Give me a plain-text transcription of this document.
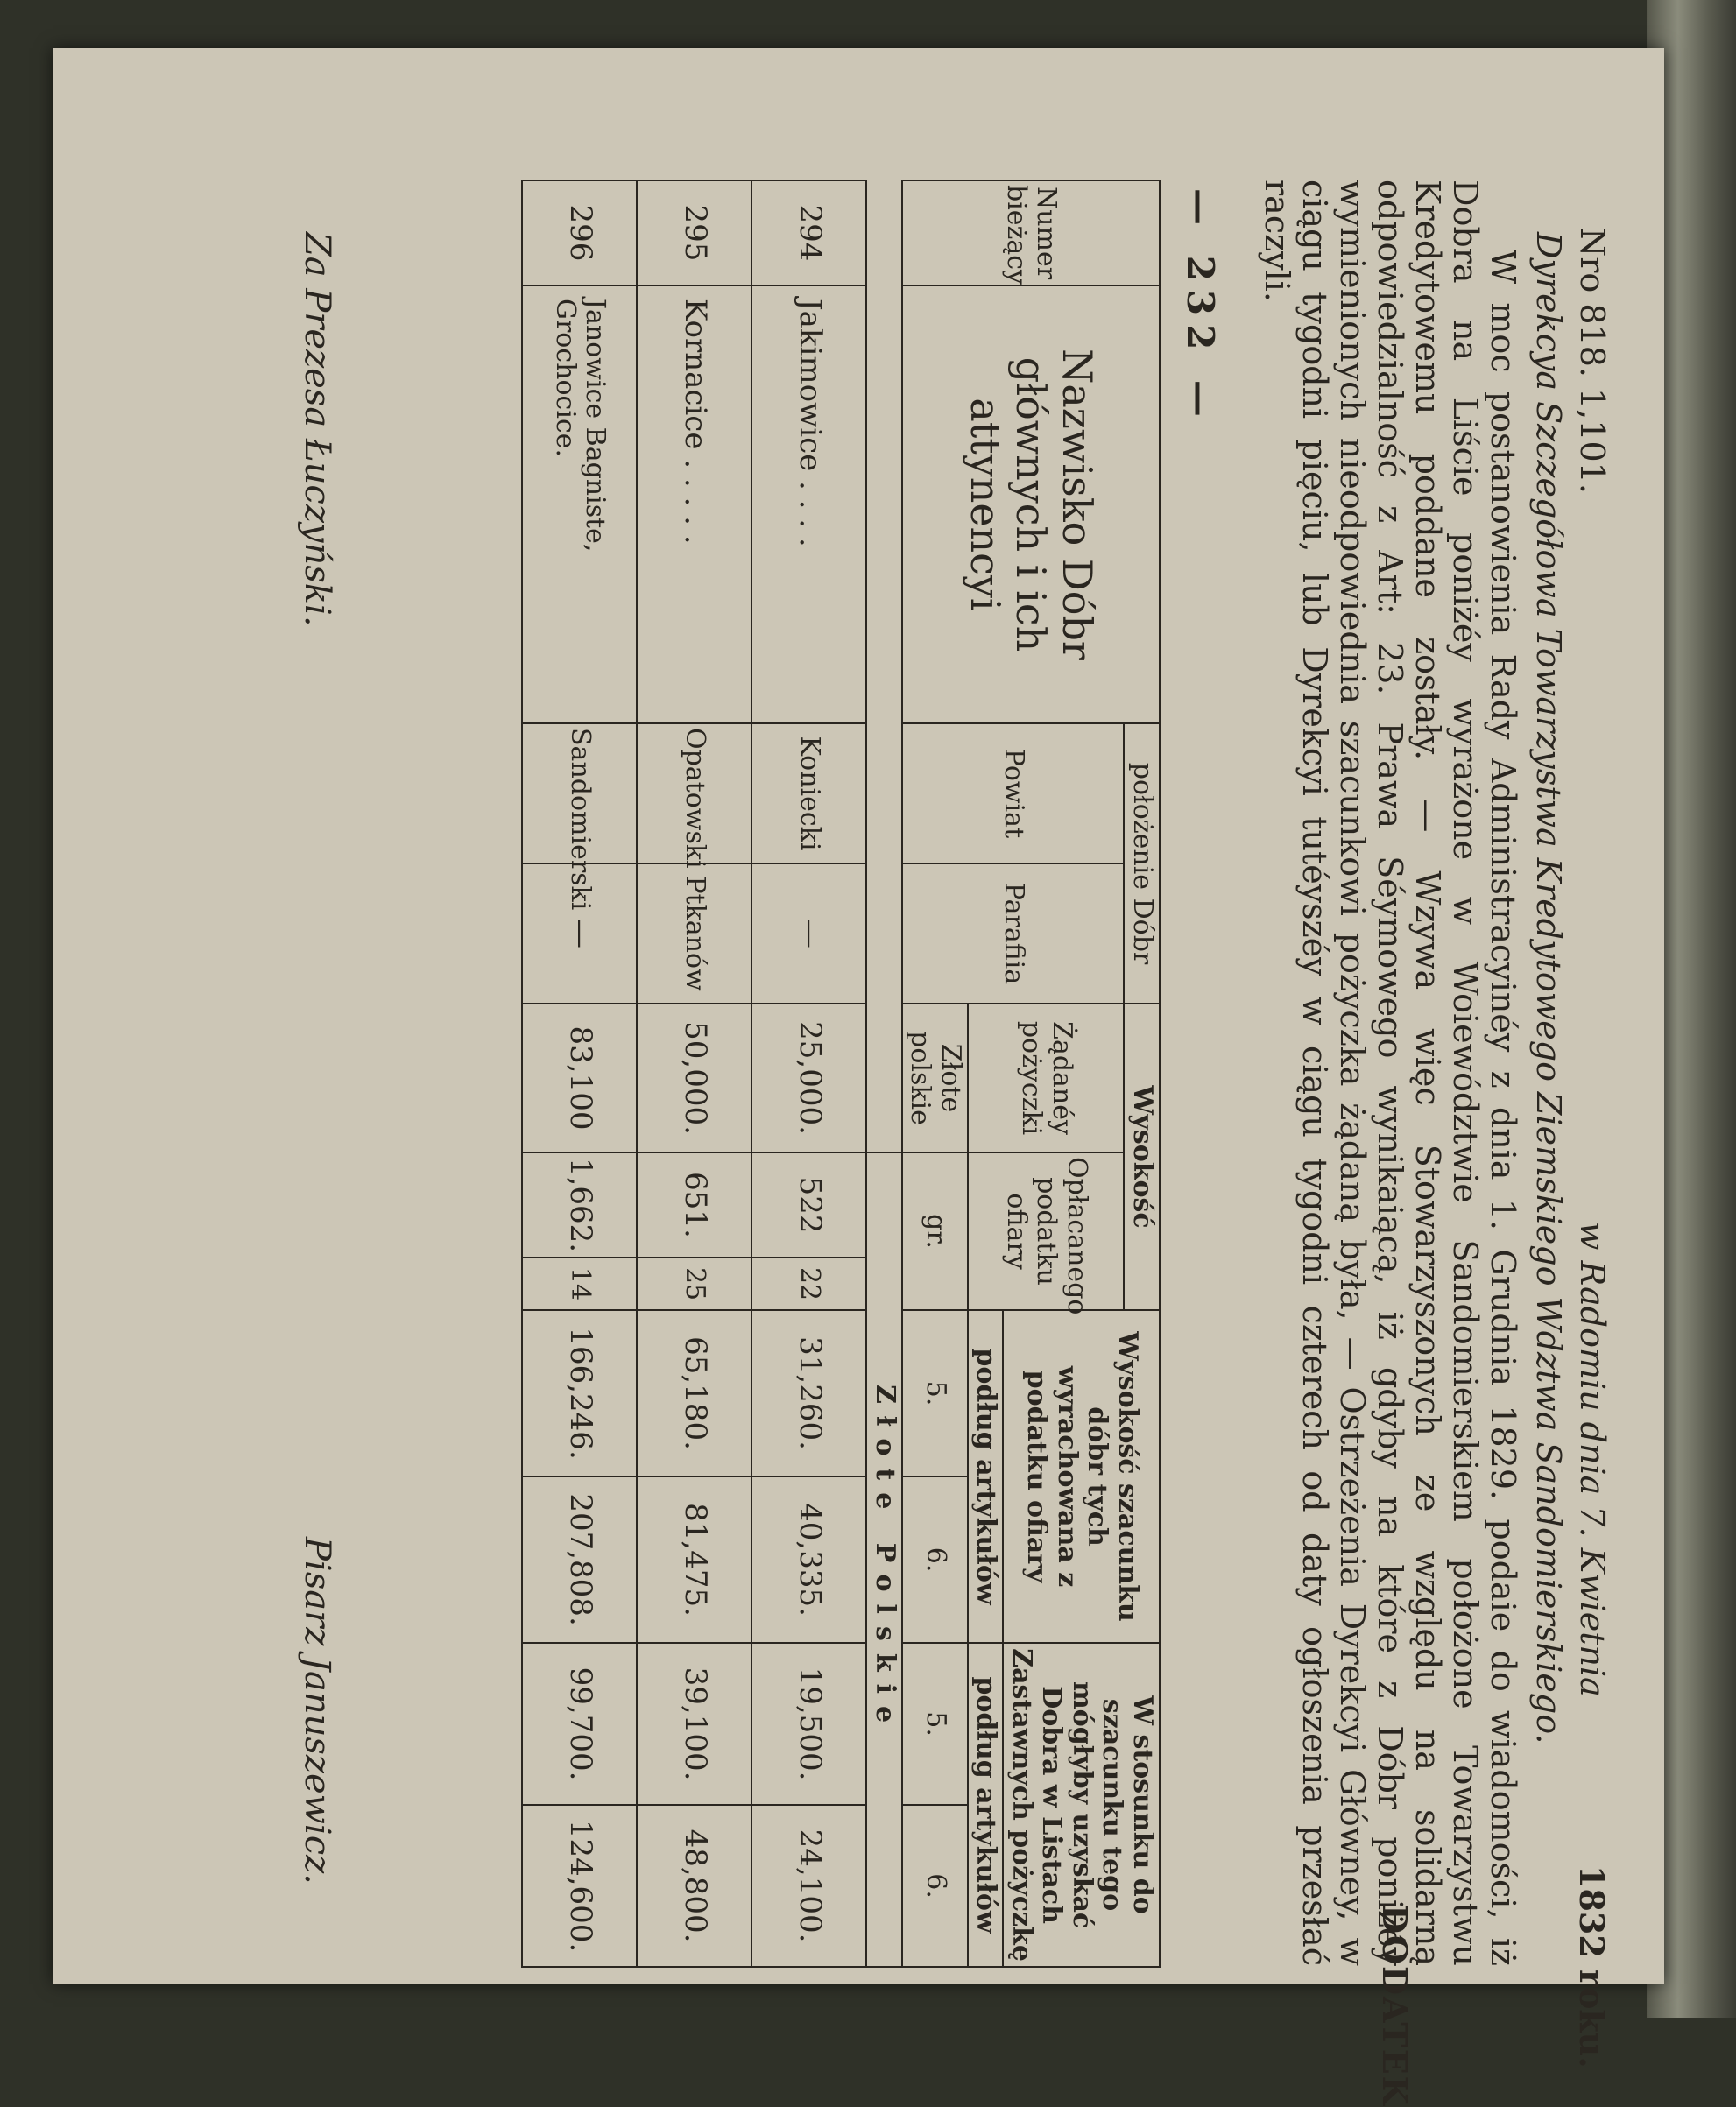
Nro 818. 1,101.
w Radomiu dnia 7. Kwietnia
1832 roku.
Dyrekcya Szczegółowa Towarzystwa Kredytowego Ziemskiego Wdztwa Sandomierskiego.

W moc postanowienia Rady Administracyinéy z dnia 1. Grudnia 1829. podaie do wiadomości, iż Dobra na Liście poniżéy wyrażone w Woiewództwie Sandomierskiem położone Towarzystwu Kredytowemu poddane zostały. — Wzywa więc Stowarzyszonych ze względu na solidarną odpowiedzialność z Art: 23. Prawa Séymowego wynikaiącą, iż gdyby na które z Dóbr poniżéy wymienionych nieodpowiednia szacunkowi pożyczka żądaną była, — Ostrzeżenia Dyrekcyi Główney, w ciągu tygodni pięciu, lub Dyrekcyi tutéyszéy w ciągu tygodni czterech od daty ogłoszenia przesłać raczyli.

DODATEK
— 232 —
Numer bieżący	Nazwisko Dóbr głównych i ich attynencyi	położenie Dóbr		Wysokość			Wysokość szacunku dóbr tych wyrachowana z podatku ofiary		W stosunku do szacunku tego mógłyby uzyskać Dobra w Listach Zastawnych pożyczkę	
		Powiat	Parafiia	Żądanéy pożyczki	Opłacanego podatku ofiary					
							podług artykułów		podług artykułów	
				Złote polskie	gr.		5.	6.	5.	6.
					Złote Polskie					
294	Jakimowice . . . .	Koniecki	—	25,000.	522	22	31,260.	40,335.	19,500.	24,100.
295	Kornacice . . . . .	Opatowski	Ptkanów	50,000.	651.	25	65,180.	81,475.	39,100.	48,800.
296	Janowice Bagniste, Grochocice.	Sandomierski	—	83,100	1,662.	14	166,246.	207,808.	99,700.	124,600.
Za Prezesa Łuczyński.
Pisarz Januszewicz.
